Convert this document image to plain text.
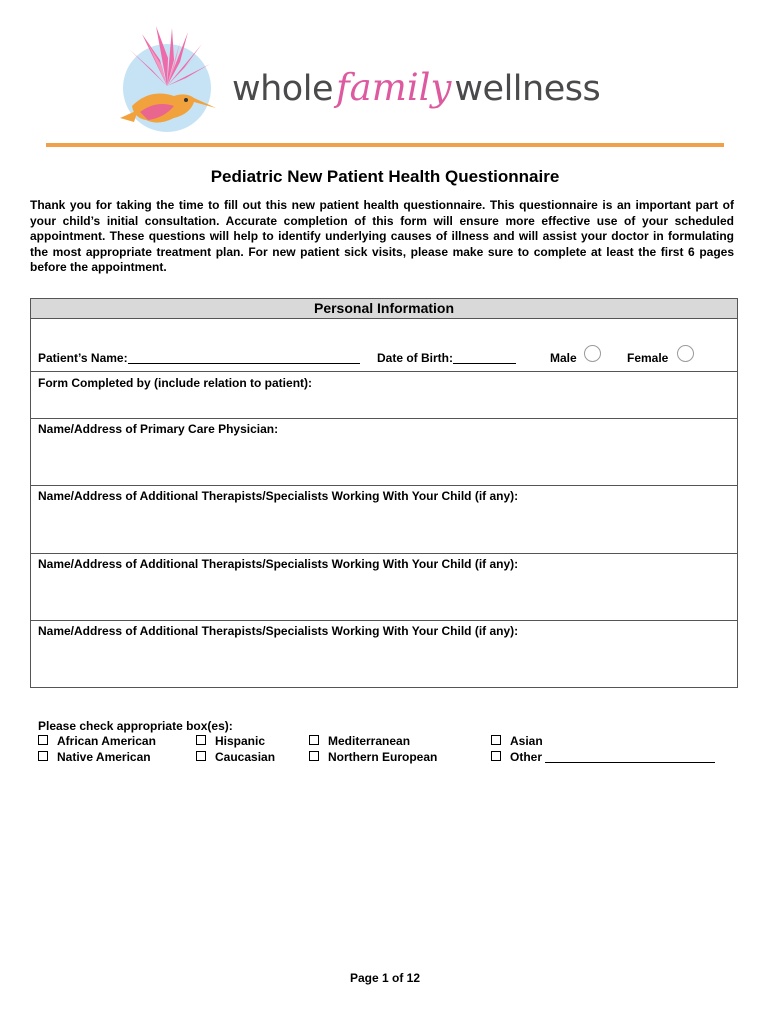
wholefamilywellness
Pediatric New Patient Health Questionnaire

Thank you for taking the time to fill out this new patient health questionnaire. This questionnaire is an important part of your child’s initial consultation. Accurate completion of this form will ensure more effective use of your scheduled appointment. These questions will help to identify underlying causes of illness and will assist your doctor in formulating the most appropriate treatment plan. For new patient sick visits, please make sure to complete at least the first 6 pages before the appointment.

Personal Information
Patient’s Name:	Date of Birth:	Male	Female
Form Completed by (include relation to patient):
Name/Address of Primary Care Physician:
Name/Address of Additional Therapists/Specialists Working With Your Child (if any):
Name/Address of Additional Therapists/Specialists Working With Your Child (if any):
Name/Address of Additional Therapists/Specialists Working With Your Child (if any):
Please check appropriate box(es):
African American	Hispanic	Mediterranean	Asian
Native American	Caucasian	Northern European	Other
Page 1 of 12
